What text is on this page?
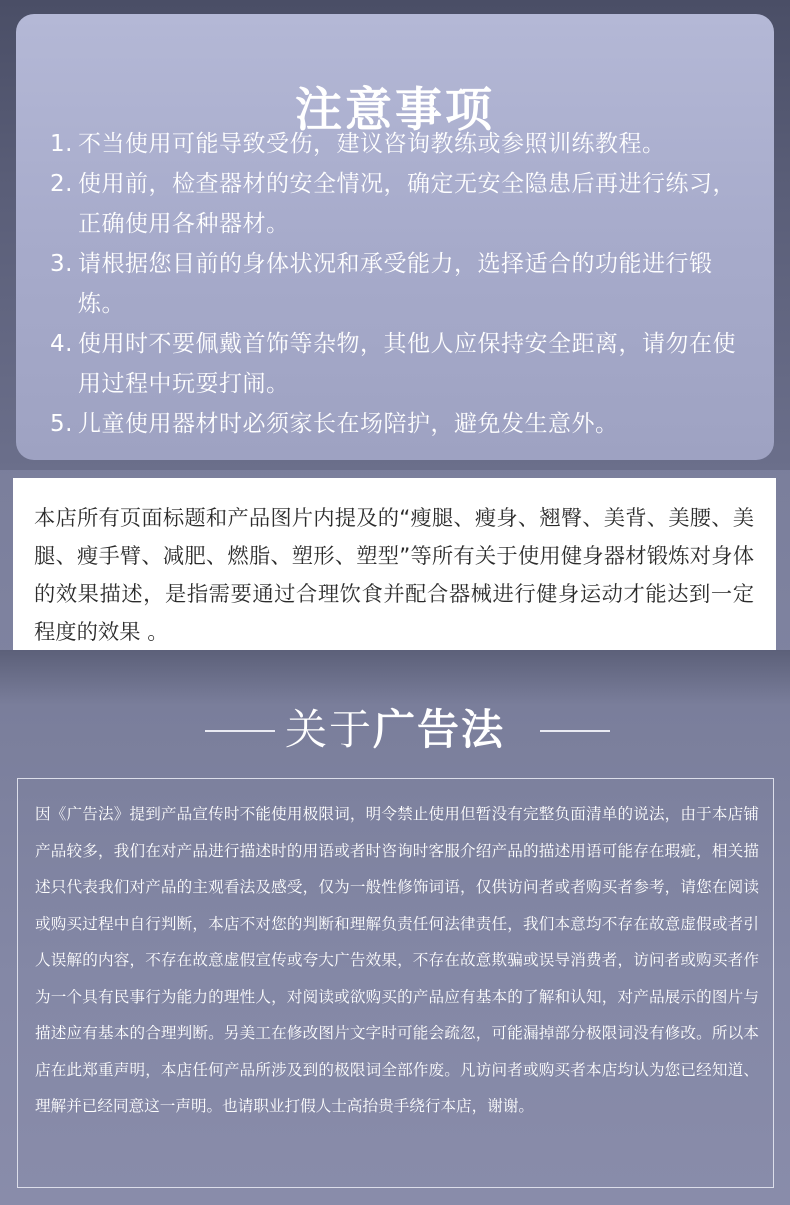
注意事项
1. 不当使用可能导致受伤，建议咨询教练或参照训练教程。
2. 使用前，检查器材的安全情况，确定无安全隐患后再进行练习，正确使用各种器材。
3. 请根据您目前的身体状况和承受能力，选择适合的功能进行锻炼。
4. 使用时不要佩戴首饰等杂物，其他人应保持安全距离，请勿在使用过程中玩耍打闹。
5. 儿童使用器材时必须家长在场陪护，避免发生意外。

本店所有页面标题和产品图片内提及的“瘦腿、瘦身、翘臀、美背、美腰、美腿、瘦手臂、减肥、燃脂、塑形、塑型”等所有关于使用健身器材锻炼对身体的效果描述，是指需要通过合理饮食并配合器械进行健身运动才能达到一定程度的效果 。

关于广告法

因《广告法》提到产品宣传时不能使用极限词，明令禁止使用但暂没有完整负面清单的说法，由于本店铺产品较多，我们在对产品进行描述时的用语或者时咨询时客服介绍产品的描述用语可能存在瑕疵，相关描述只代表我们对产品的主观看法及感受，仅为一般性修饰词语，仅供访问者或者购买者参考，请您在阅读或购买过程中自行判断，本店不对您的判断和理解负责任何法律责任，我们本意均不存在故意虚假或者引人误解的内容，不存在故意虚假宣传或夸大广告效果，不存在故意欺骗或误导消费者，访问者或购买者作为一个具有民事行为能力的理性人，对阅读或欲购买的产品应有基本的了解和认知，对产品展示的图片与描述应有基本的合理判断。另美工在修改图片文字时可能会疏忽，可能漏掉部分极限词没有修改。所以本店在此郑重声明，本店任何产品所涉及到的极限词全部作废。凡访问者或购买者本店均认为您已经知道、理解并已经同意这一声明。也请职业打假人士高抬贵手绕行本店，谢谢。
